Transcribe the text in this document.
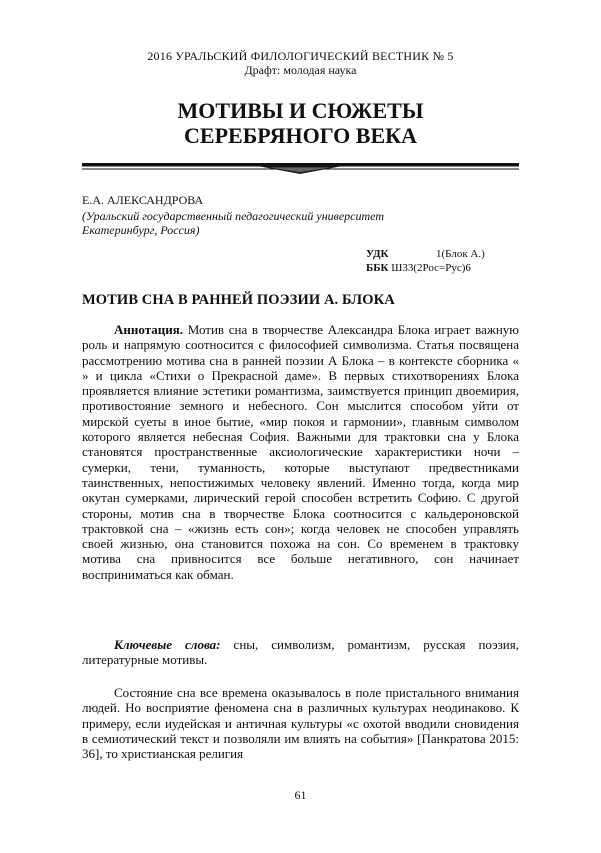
2016 УРАЛЬСКИЙ ФИЛОЛОГИЧЕСКИЙ ВЕСТНИК № 5
Драфт: молодая наука
МОТИВЫ И СЮЖЕТЫ
СЕРЕБРЯНОГО ВЕКА
Е.А. АЛЕКСАНДРОВА
(Уральский государственный педагогический университет
Екатеринбург, Россия)
УДК	1(Блок А.)
ББК Ш33(2Рос=Рус)6
МОТИВ СНА В РАННЕЙ ПОЭЗИИ А. БЛОКА

Аннотация. Мотив сна в творчестве Александра Блока играет важную роль и напрямую соотносится с философией символизма. Статья посвящена рассмотрению мотива сна в ранней поэзии А Блока – в контексте сборника «              » и цикла «Стихи о Прекрасной даме». В первых стихотворениях Блока проявляется влияние эстетики романтизма, заимствуется принцип двоемирия, противостояние земного и небесного. Сон мыслится способом уйти от мирской суеты в иное бытие, «мир покоя и гармонии», главным символом которого является небесная София. Важными для трактовки сна у Блока становятся пространственные аксиологические характеристики ночи – сумерки, тени, туманность, которые выступают предвестниками таинственных, непостижимых человеку явлений. Именно тогда, когда мир окутан сумерками, лирический герой способен встретить Софию. С другой стороны, мотив сна в творчестве Блока соотносится с кальдероновской трактовкой сна – «жизнь есть сон»; когда человек не способен управлять своей жизнью, она становится похожа на сон. Со временем в трактовку мотива сна привносится все больше негативного, сон начинает восприниматься как обман.

Ключевые слова: сны, символизм, романтизм, русская поэзия, литературные мотивы.

Состояние сна все времена оказывалось в поле пристального внимания людей. Но восприятие феномена сна в различных культурах неодинаково. К примеру, если иудейская и античная культуры «с охотой вводили сновидения в семиотический текст и позволяли им влиять на события» [Панкратова 2015: 36], то христианская религия

61
